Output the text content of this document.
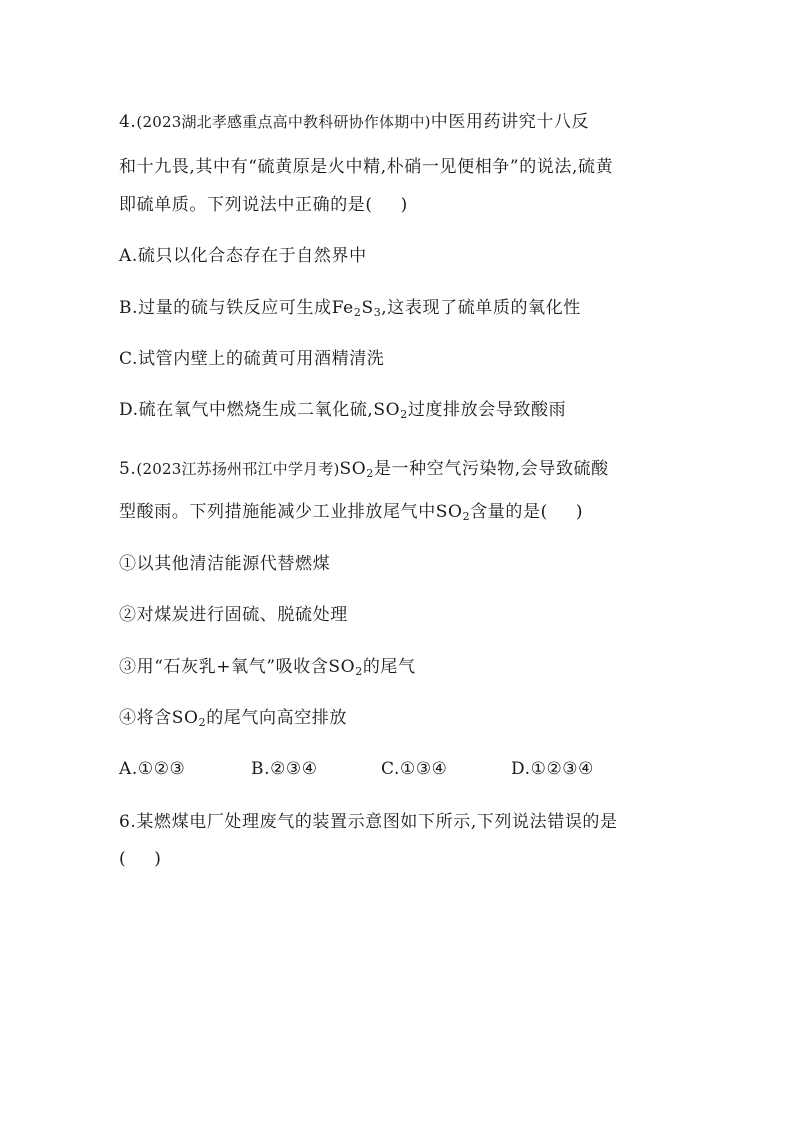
4.(2023湖北孝感重点高中教科研协作体期中)中医用药讲究十八反
和十九畏,其中有“硫黄原是火中精,朴硝一见便相争”的说法,硫黄
即硫单质。下列说法中正确的是( )
A.硫只以化合态存在于自然界中
B.过量的硫与铁反应可生成$Fe_2S_3$,这表现了硫单质的氧化性
C.试管内壁上的硫黄可用酒精清洗
D.硫在氧气中燃烧生成二氧化硫$,SO_2$过度排放会导致酸雨
5.(2023江苏扬州邗江中学月考)$SO_2$是一种空气污染物,会导致硫酸
型酸雨。下列措施能减少工业排放尾气中$SO_2$含量的是( )
①以其他清洁能源代替燃煤
②对煤炭进行固硫、脱硫处理
③用“石灰乳+氧气”吸收含$SO_2$的尾气
④将含$SO_2$的尾气向高空排放
A.①②③	B.②③④	C.①③④	D.①②③④
6.某燃煤电厂处理废气的装置示意图如下所示,下列说法错误的是
( )
